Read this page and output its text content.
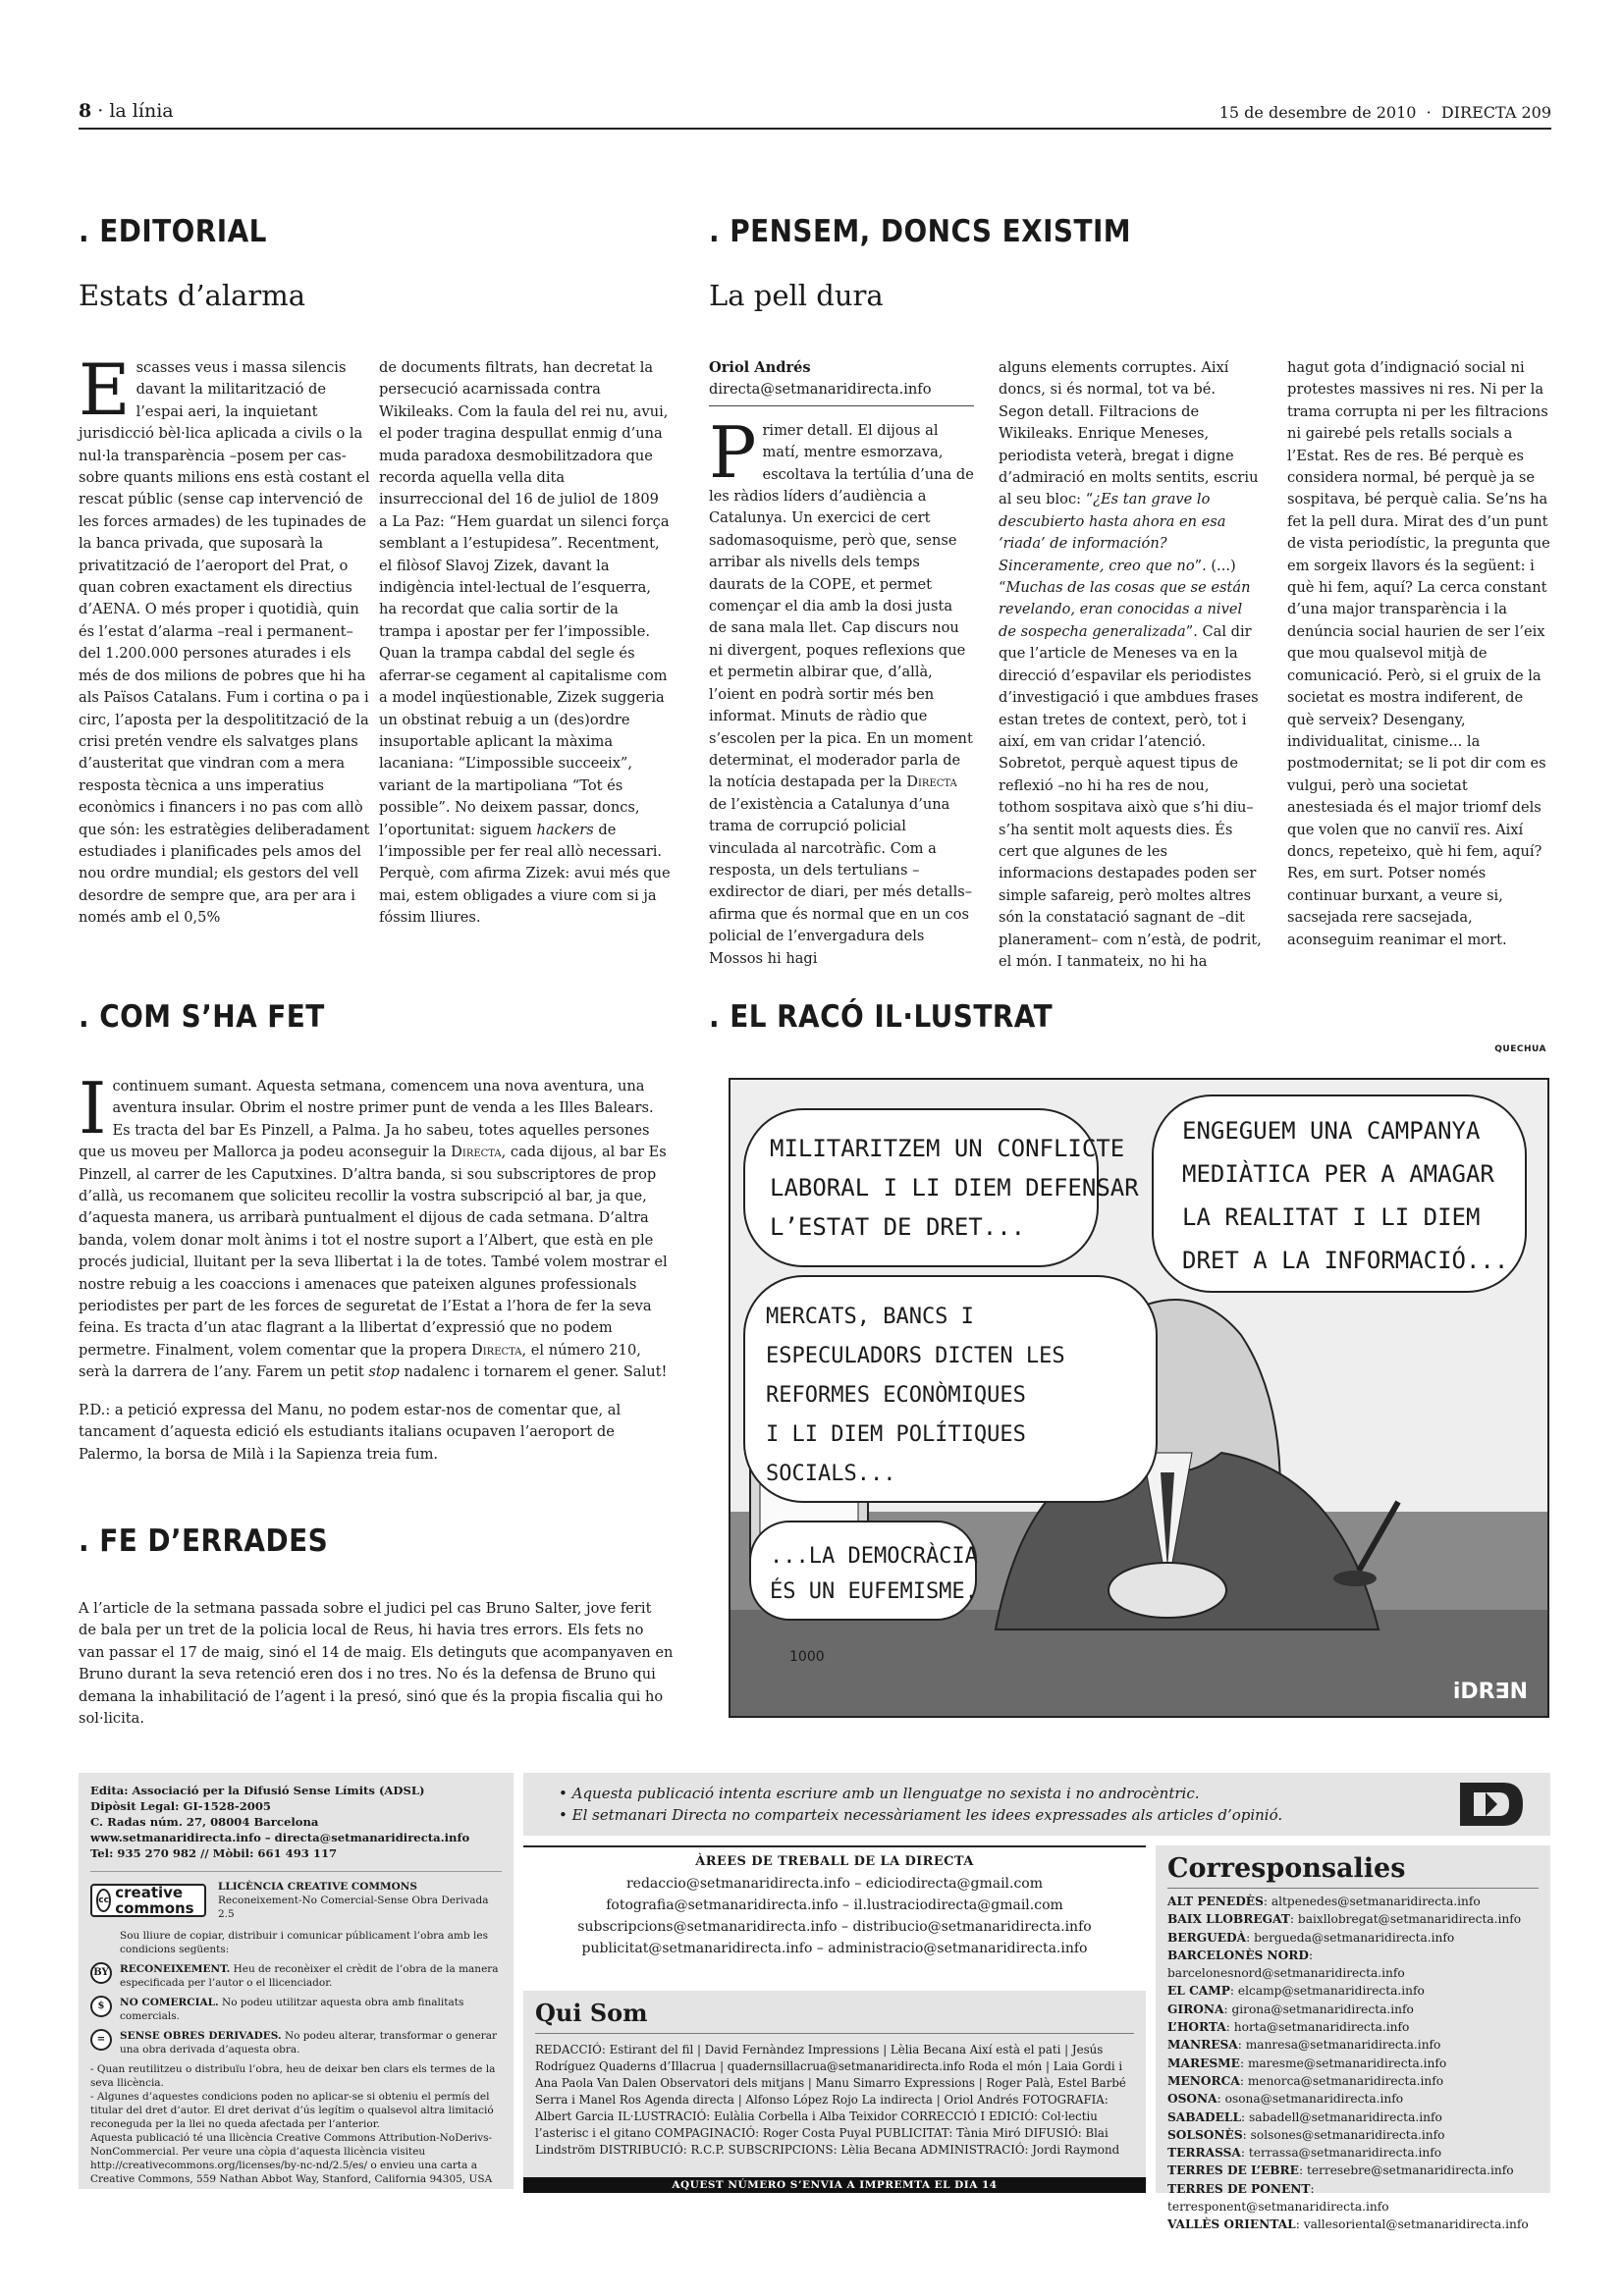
8 · la línia	15 de desembre de 2010  ·  DIRECTA 209
. EDITORIAL
Estats d’alarma
Escasses veus i massa silencis davant la militarització de l’espai aeri, la inquietant jurisdicció bèl·lica aplicada a civils o la nul·la transparència –posem per cas- sobre quants milions ens està costant el rescat públic (sense cap intervenció de les forces armades) de les tupinades de la banca privada, que suposarà la privatització de l’aeroport del Prat, o quan cobren exactament els directius d’AENA. O més proper i quotidià, quin és l’estat d’alarma –real i permanent– del 1.200.000 persones aturades i els més de dos milions de pobres que hi ha als Països Catalans. Fum i cortina o pa i circ, l’aposta per la despolitització de la crisi pretén vendre els salvatges plans d’austeritat que vindran com a mera resposta tècnica a uns imperatius econòmics i financers i no pas com allò que són: les estratègies deliberadament estudiades i planificades pels amos del nou ordre mundial; els gestors del vell desordre de sempre que, ara per ara i només amb el 0,5%
de documents filtrats, han decretat la persecució acarnissada contra Wikileaks. Com la faula del rei nu, avui, el poder tragina despullat enmig d’una muda paradoxa desmobilitzadora que recorda aquella vella dita insurreccional del 16 de juliol de 1809 a La Paz: “Hem guardat un silenci força semblant a l’estupidesa”. Recentment, el filòsof Slavoj Zizek, davant la indigència intel·lectual de l’esquerra, ha recordat que calia sortir de la trampa i apostar per fer l’impossible. Quan la trampa cabdal del segle és aferrar-se cegament al capitalisme com a model inqüestionable, Zizek suggeria un obstinat rebuig a un (des)ordre insuportable aplicant la màxima lacaniana: “L’impossible succeeix”, variant de la martipoliana “Tot és possible”. No deixem passar, doncs, l’oportunitat: siguem hackers de l’impossible per fer real allò necessari. Perquè, com afirma Zizek: avui més que mai, estem obligades a viure com si ja fóssim lliures.
. PENSEM, DONCS EXISTIM
La pell dura
Oriol Andrés
directa@setmanaridirecta.info
P rimer detall. El dijous al matí, mentre esmorzava, escoltava la tertúlia d’una de les ràdios líders d’audiència a Catalunya. Un exercici de cert sadomasoquisme, però que, sense arribar als nivells dels temps daurats de la COPE, et permet començar el dia amb la dosi justa de sana mala llet. Cap discurs nou ni divergent, poques reflexions que et permetin albirar que, d’allà, l’oient en podrà sortir més ben informat. Minuts de ràdio que s’escolen per la pica. En un moment determinat, el moderador parla de la notícia destapada per la Directa de l’existència a Catalunya d’una trama de corrupció policial vinculada al narcotràfic. Com a resposta, un dels tertulians –exdirector de diari, per més detalls– afirma que és normal que en un cos policial de l’envergadura dels Mossos hi hagi
alguns elements corruptes. Així doncs, si és normal, tot va bé. Segon detall. Filtracions de Wikileaks. Enrique Meneses, periodista veterà, bregat i digne d’admiració en molts sentits, escriu al seu bloc: “¿Es tan grave lo descubierto hasta ahora en esa ‘riada’ de información? Sinceramente, creo que no”. (...) “Muchas de las cosas que se están revelando, eran conocidas a nivel de sospecha generalizada”. Cal dir que l’article de Meneses va en la direcció d’espavilar els periodistes d’investigació i que ambdues frases estan tretes de context, però, tot i així, em van cridar l’atenció. Sobretot, perquè aquest tipus de reflexió –no hi ha res de nou, tothom sospitava això que s’hi diu– s’ha sentit molt aquests dies. És cert que algunes de les informacions destapades poden ser simple safareig, però moltes altres són la constatació sagnant de –dit planerament– com n’està, de podrit, el món. I tanmateix, no hi ha
hagut gota d’indignació social ni protestes massives ni res. Ni per la trama corrupta ni per les filtracions ni gairebé pels retalls socials a l’Estat. Res de res. Bé perquè es considera normal, bé perquè ja se sospitava, bé perquè calia. Se’ns ha fet la pell dura. Mirat des d’un punt de vista periodístic, la pregunta que em sorgeix llavors és la següent: i què hi fem, aquí? La cerca constant d’una major transparència i la denúncia social haurien de ser l’eix que mou qualsevol mitjà de comunicació. Però, si el gruix de la societat es mostra indiferent, de què serveix? Desengany, individualitat, cinisme... la postmodernitat; se li pot dir com es vulgui, però una societat anestesiada és el major triomf dels que volen que no canviï res. Així doncs, repeteixo, què hi fem, aquí? Res, em surt. Potser només continuar burxant, a veure si, sacsejada rere sacsejada, aconseguim reanimar el mort.
. COM S’HA FET
Icontinuem sumant. Aquesta setmana, comencem una nova aventura, una aventura insular. Obrim el nostre primer punt de venda a les Illes Balears. Es tracta del bar Es Pinzell, a Palma. Ja ho sabeu, totes aquelles persones que us moveu per Mallorca ja podeu aconseguir la Directa, cada dijous, al bar Es Pinzell, al carrer de les Caputxines. D’altra banda, si sou subscriptores de prop d’allà, us recomanem que soliciteu recollir la vostra subscripció al bar, ja que, d’aquesta manera, us arribarà puntualment el dijous de cada setmana. D’altra banda, volem donar molt ànims i tot el nostre suport a l’Albert, que està en ple procés judicial, lluitant per la seva llibertat i la de totes. També volem mostrar el nostre rebuig a les coaccions i amenaces que pateixen algunes professionals periodistes per part de les forces de seguretat de l’Estat a l’hora de fer la seva feina. Es tracta d’un atac flagrant a la llibertat d’expressió que no podem permetre. Finalment, volem comentar que la propera Directa, el número 210, serà la darrera de l’any. Farem un petit stop nadalenc i tornarem el gener. Salut!

P.D.: a petició expressa del Manu, no podem estar-nos de comentar que, al tancament d’aquesta edició els estudiants italians ocupaven l’aeroport de Palermo, la borsa de Milà i la Sapienza treia fum.

. FE D’ERRADES
A l’article de la setmana passada sobre el judici pel cas Bruno Salter, jove ferit de bala per un tret de la policia local de Reus, hi havia tres errors. Els fets no van passar el 17 de maig, sinó el 14 de maig. Els detinguts que acompanyaven en Bruno durant la seva retenció eren dos i no tres. No és la defensa de Bruno qui demana la inhabilitació de l’agent i la presó, sinó que és la propia fiscalia qui ho sol·licita.
. EL RACÓ IL·LUSTRAT
QUECHUA
MILITARITZEM UN CONFLICTE
LABORAL I LI DIEM DEFENSAR
L’ESTAT DE DRET...
ENGEGUEM UNA CAMPANYA
MEDIÀTICA PER A AMAGAR
LA REALITAT I LI DIEM
DRET A LA INFORMACIÓ...
MERCATS, BANCS I
ESPECULADORS DICTEN LES
REFORMES ECONÒMIQUES
I LI DIEM POLÍTIQUES
SOCIALS...
...LA DEMOCRÀCIA
ÉS UN EUFEMISME.
1000
iDR∃N
Edita: Associació per la Difusió Sense Límits (ADSL)
Dipòsit Legal: GI-1528-2005
C. Radas núm. 27, 08004 Barcelona
www.setmanaridirecta.info – directa@setmanaridirecta.info
Tel: 935 270 982 // Mòbil: 661 493 117
cc creative commons
LLICÈNCIA CREATIVE COMMONS
Reconeixement-No Comercial-Sense Obra Derivada 2.5
Sou lliure de copiar, distribuir i comunicar públicament l’obra amb les condicions següents:
BY	RECONEIXEMENT. Heu de reconèixer el crèdit de l’obra de la manera especificada per l’autor o el llicenciador.
$	NO COMERCIAL. No podeu utilitzar aquesta obra amb finalitats comercials.
=	SENSE OBRES DERIVADES. No podeu alterar, transformar o generar una obra derivada d’aquesta obra.
- Quan reutilitzeu o distribuïu l’obra, heu de deixar ben clars els termes de la seva llicència.
- Algunes d’aquestes condicions poden no aplicar-se si obteniu el permís del titular del dret d’autor. El dret derivat d’ús legítim o qualsevol altra limitació reconeguda per la llei no queda afectada per l’anterior.
Aquesta publicació té una llicència Creative Commons Attribution-NoDerivs- NonCommercial. Per veure una còpia d’aquesta llicència visiteu http://creativecommons.org/licenses/by-nc-nd/2.5/es/ o envieu una carta a Creative Commons, 559 Nathan Abbot Way, Stanford, California 94305, USA
• Aquesta publicació intenta escriure amb un llenguatge no sexista i no androcèntric.
• El setmanari Directa no comparteix necessàriament les idees expressades als articles d’opinió.
ÀREES DE TREBALL DE LA DIRECTA
redaccio@setmanaridirecta.info – ediciodirecta@gmail.com
fotografia@setmanaridirecta.info – il.lustraciodirecta@gmail.com
subscripcions@setmanaridirecta.info – distribucio@setmanaridirecta.info
publicitat@setmanaridirecta.info – administracio@setmanaridirecta.info
Qui Som
REDACCIÓ: Estirant del fil | David Fernàndez Impressions | Lèlia Becana Així està el pati | Jesús Rodríguez Quaderns d’Illacrua | quadernsillacrua@setmanaridirecta.info Roda el món | Laia Gordi i Ana Paola Van Dalen Observatori dels mitjans | Manu Simarro Expressions | Roger Palà, Estel Barbé Serra i Manel Ros Agenda directa | Alfonso López Rojo La indirecta | Oriol Andrés FOTOGRAFIA: Albert Garcia IL·LUSTRACIÓ: Eulàlia Corbella i Alba Teixidor CORRECCIÓ I EDICIÓ: Col·lectiu l’asterisc i el gitano COMPAGINACIÓ: Roger Costa Puyal PUBLICITAT: Tània Miró DIFUSIÓ: Blai Lindström DISTRIBUCIÓ: R.C.P. SUBSCRIPCIONS: Lèlia Becana ADMINISTRACIÓ: Jordi Raymond
AQUEST NÚMERO S’ENVIA A IMPREMTA EL DIA 14
Corresponsalies
ALT PENEDÈS: altpenedes@setmanaridirecta.info
BAIX LLOBREGAT: baixllobregat@setmanaridirecta.info
BERGUEDÀ: bergueda@setmanaridirecta.info
BARCELONÈS NORD: barcelonesnord@setmanaridirecta.info
EL CAMP: elcamp@setmanaridirecta.info
GIRONA: girona@setmanaridirecta.info
L’HORTA: horta@setmanaridirecta.info
MANRESA: manresa@setmanaridirecta.info
MARESME: maresme@setmanaridirecta.info
MENORCA: menorca@setmanaridirecta.info
OSONA: osona@setmanaridirecta.info
SABADELL: sabadell@setmanaridirecta.info
SOLSONÈS: solsones@setmanaridirecta.info
TERRASSA: terrassa@setmanaridirecta.info
TERRES DE L’EBRE: terresebre@setmanaridirecta.info
TERRES DE PONENT: terresponent@setmanaridirecta.info
VALLÈS ORIENTAL: vallesoriental@setmanaridirecta.info
